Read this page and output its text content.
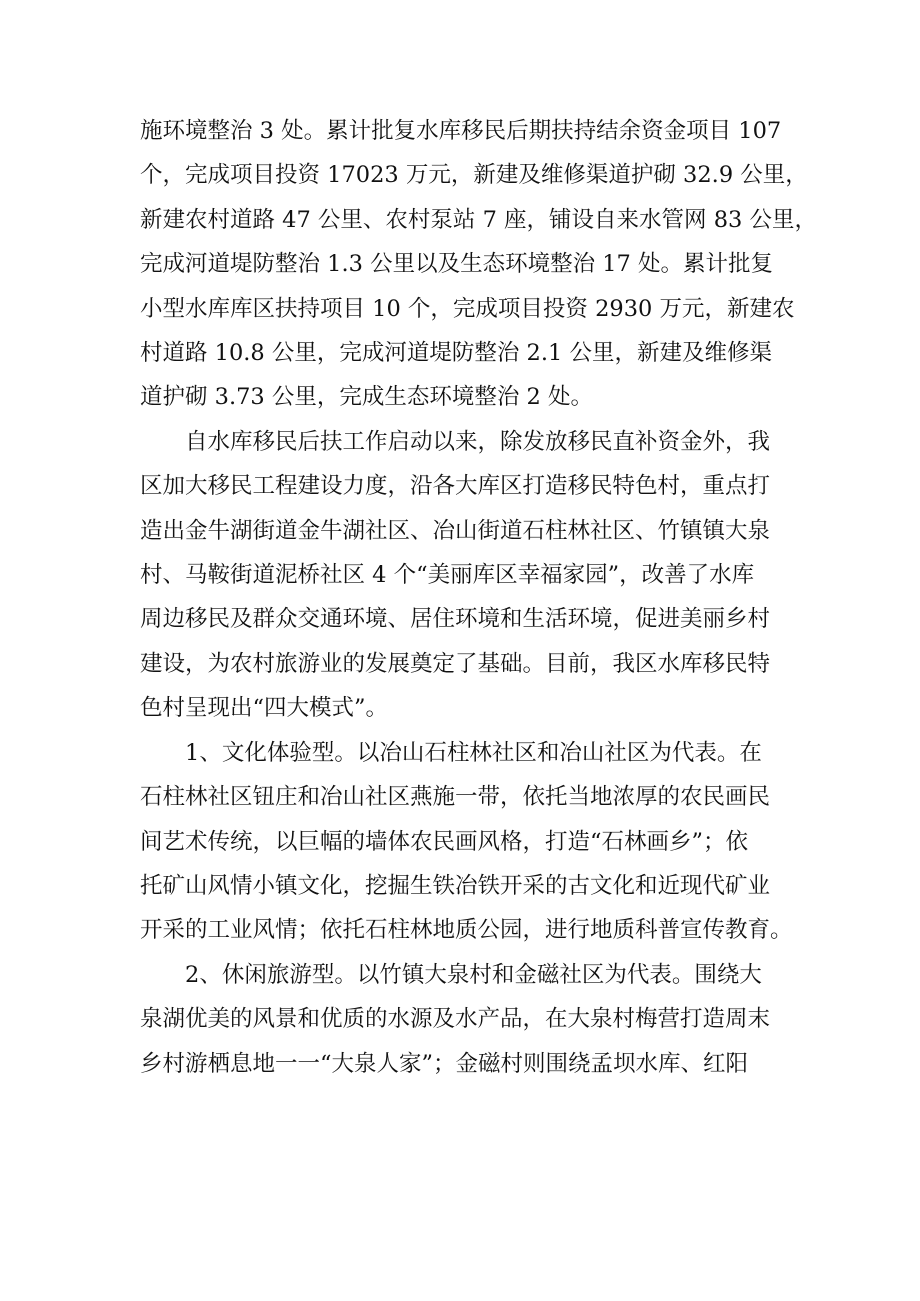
施环境整治 3 处。累计批复水库移民后期扶持结余资金项目 107

个，完成项目投资 17023 万元，新建及维修渠道护砌 32.9 公里，

新建农村道路 47 公里、农村泵站 7 座，铺设自来水管网 83 公里，

完成河道堤防整治 1.3 公里以及生态环境整治 17 处。累计批复

小型水库库区扶持项目 10 个，完成项目投资 2930 万元，新建农

村道路 10.8 公里，完成河道堤防整治 2.1 公里，新建及维修渠

道护砌 3.73 公里，完成生态环境整治 2 处。

自水库移民后扶工作启动以来，除发放移民直补资金外，我

区加大移民工程建设力度，沿各大库区打造移民特色村，重点打

造出金牛湖街道金牛湖社区、冶山街道石柱林社区、竹镇镇大泉

村、马鞍街道泥桥社区 4 个“美丽库区幸福家园”，改善了水库

周边移民及群众交通环境、居住环境和生活环境，促进美丽乡村

建设，为农村旅游业的发展奠定了基础。目前，我区水库移民特

色村呈现出“四大模式”。

1、文化体验型。以冶山石柱林社区和冶山社区为代表。在

石柱林社区钮庄和冶山社区燕施一带，依托当地浓厚的农民画民

间艺术传统，以巨幅的墙体农民画风格，打造“石林画乡”；依

托矿山风情小镇文化，挖掘生铁冶铁开采的古文化和近现代矿业

开采的工业风情；依托石柱林地质公园，进行地质科普宣传教育。

2、休闲旅游型。以竹镇大泉村和金磁社区为代表。围绕大

泉湖优美的风景和优质的水源及水产品，在大泉村梅营打造周末

乡村游栖息地一一“大泉人家”；金磁村则围绕孟坝水库、红阳
